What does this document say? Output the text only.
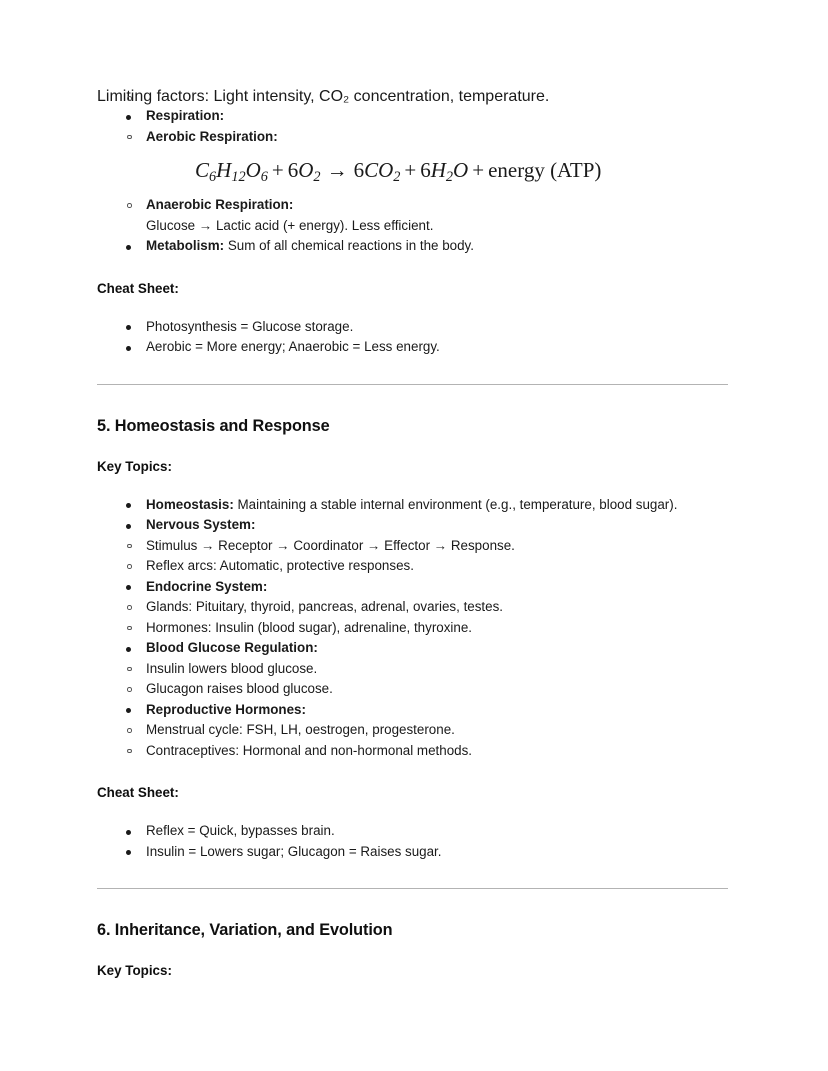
Limiting factors: Light intensity, CO₂ concentration, temperature.
Respiration:
Aerobic Respiration:
$C_6H_{12}O_6 + 6O_2 \to 6CO_2 + 6H_2O$ + energy (ATP)
Anaerobic Respiration:
Glucose → Lactic acid (+ energy). Less efficient.
Metabolism: Sum of all chemical reactions in the body.
Cheat Sheet:
Photosynthesis = Glucose storage.
Aerobic = More energy; Anaerobic = Less energy.
5. Homeostasis and Response
Key Topics:
Homeostasis: Maintaining a stable internal environment (e.g., temperature, blood sugar).
Nervous System:
Stimulus → Receptor → Coordinator → Effector → Response.
Reflex arcs: Automatic, protective responses.
Endocrine System:
Glands: Pituitary, thyroid, pancreas, adrenal, ovaries, testes.
Hormones: Insulin (blood sugar), adrenaline, thyroxine.
Blood Glucose Regulation:
Insulin lowers blood glucose.
Glucagon raises blood glucose.
Reproductive Hormones:
Menstrual cycle: FSH, LH, oestrogen, progesterone.
Contraceptives: Hormonal and non-hormonal methods.
Cheat Sheet:
Reflex = Quick, bypasses brain.
Insulin = Lowers sugar; Glucagon = Raises sugar.
6. Inheritance, Variation, and Evolution
Key Topics:
